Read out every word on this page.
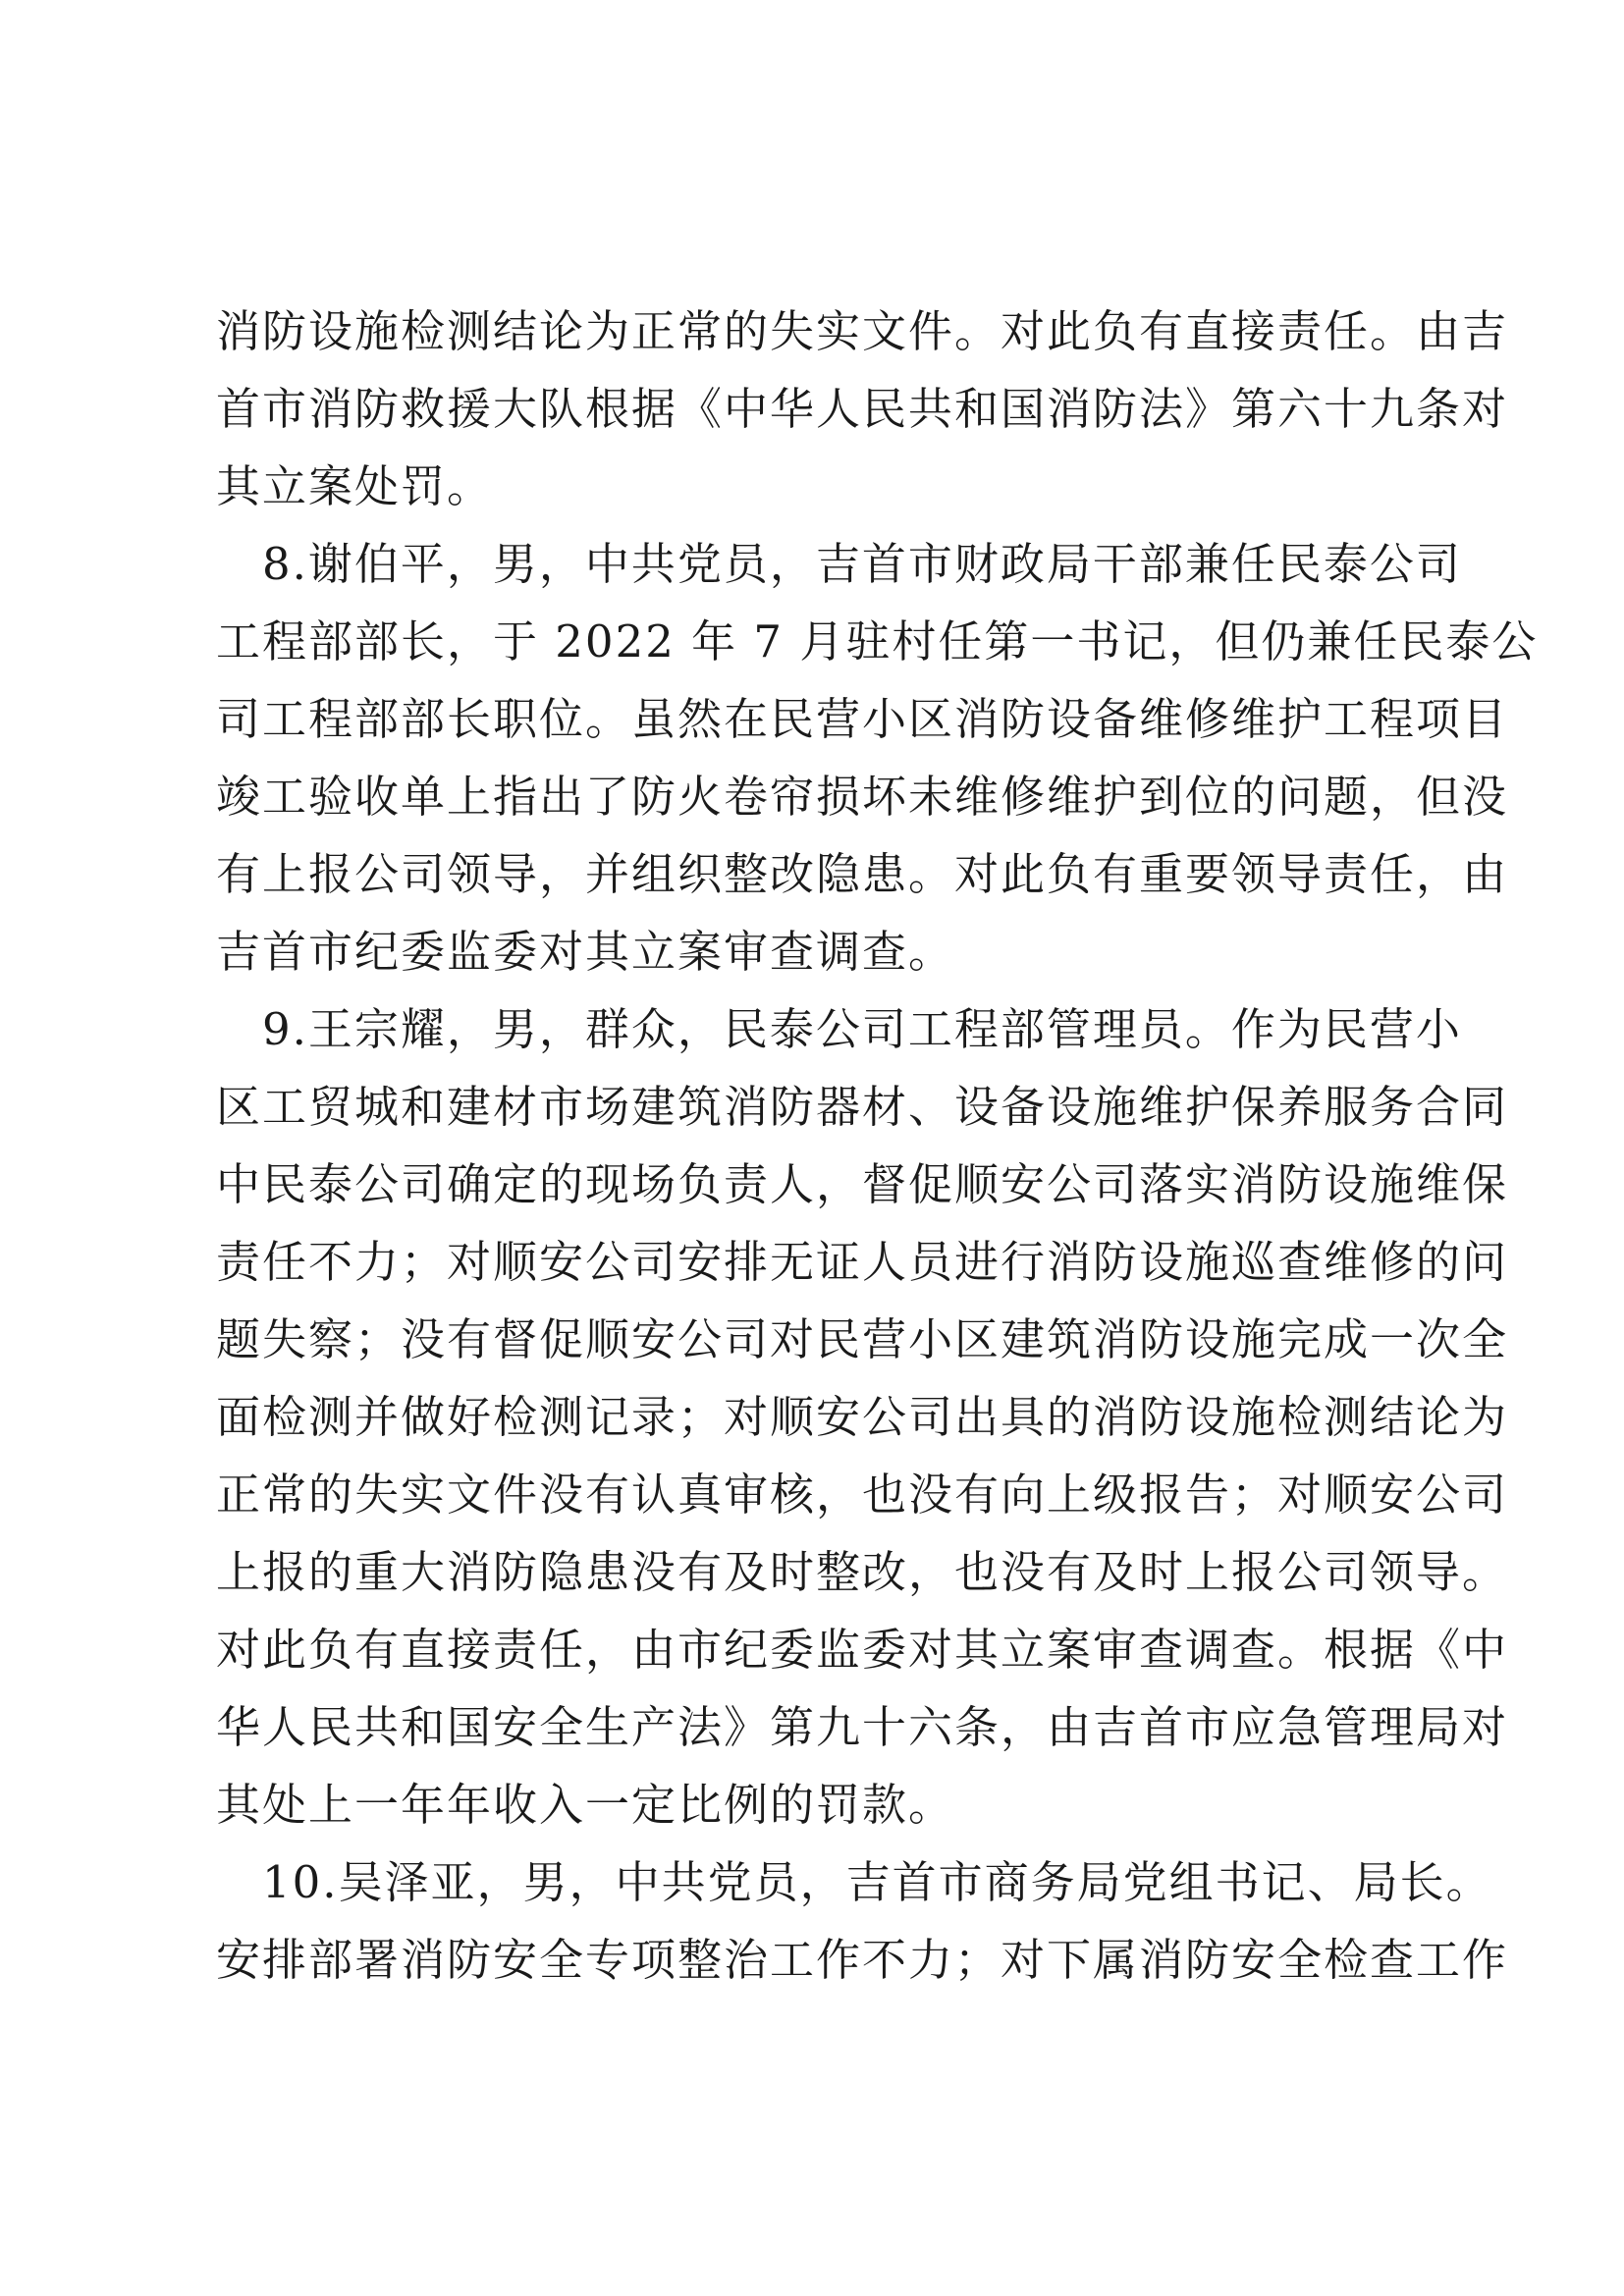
消防设施检测结论为正常的失实文件。对此负有直接责任。由吉
首市消防救援大队根据《中华人民共和国消防法》第六十九条对
其立案处罚。
　8.谢伯平，男，中共党员，吉首市财政局干部兼任民泰公司
工程部部长，于 2022 年 7 月驻村任第一书记，但仍兼任民泰公
司工程部部长职位。虽然在民营小区消防设备维修维护工程项目
竣工验收单上指出了防火卷帘损坏未维修维护到位的问题，但没
有上报公司领导，并组织整改隐患。对此负有重要领导责任，由
吉首市纪委监委对其立案审查调查。
　9.王宗耀，男，群众，民泰公司工程部管理员。作为民营小
区工贸城和建材市场建筑消防器材、设备设施维护保养服务合同
中民泰公司确定的现场负责人，督促顺安公司落实消防设施维保
责任不力；对顺安公司安排无证人员进行消防设施巡查维修的问
题失察；没有督促顺安公司对民营小区建筑消防设施完成一次全
面检测并做好检测记录；对顺安公司出具的消防设施检测结论为
正常的失实文件没有认真审核，也没有向上级报告；对顺安公司
上报的重大消防隐患没有及时整改，也没有及时上报公司领导。
对此负有直接责任，由市纪委监委对其立案审查调查。根据《中
华人民共和国安全生产法》第九十六条，由吉首市应急管理局对
其处上一年年收入一定比例的罚款。
　10.吴泽亚，男，中共党员，吉首市商务局党组书记、局长。
安排部署消防安全专项整治工作不力；对下属消防安全检查工作
